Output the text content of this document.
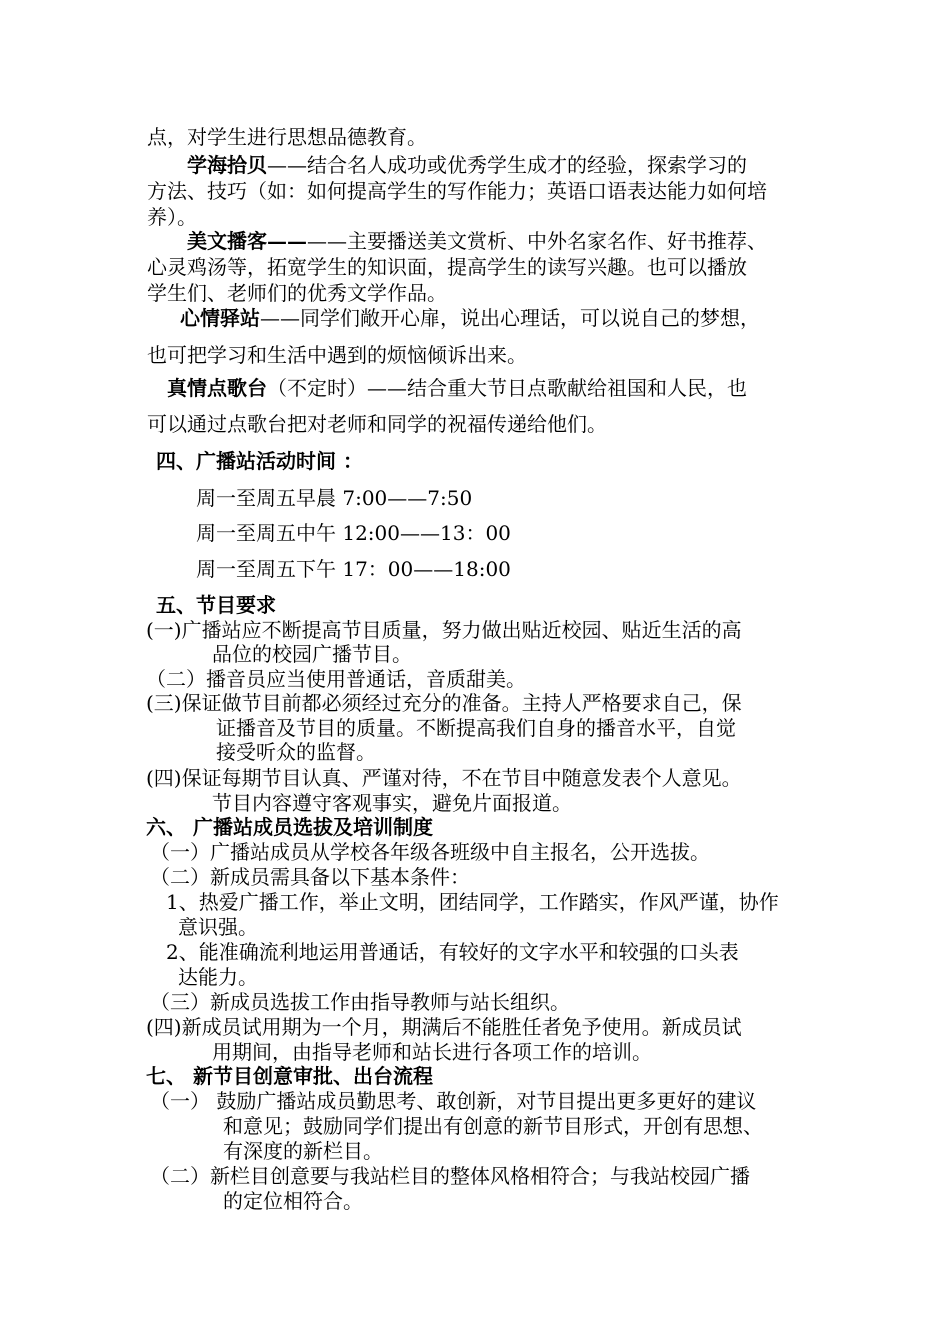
点，对学生进行思想品德教育。
学海拾贝——结合名人成功或优秀学生成才的经验，探索学习的
方法、技巧（如：如何提高学生的写作能力；英语口语表达能力如何培
养）。
美文播客————主要播送美文赏析、中外名家名作、好书推荐、
心灵鸡汤等，拓宽学生的知识面，提高学生的读写兴趣。也可以播放
学生们、老师们的优秀文学作品。
心情驿站——同学们敞开心扉，说出心理话，可以说自己的梦想，
也可把学习和生活中遇到的烦恼倾诉出来。
真情点歌台（不定时）——结合重大节日点歌献给祖国和人民，也
可以通过点歌台把对老师和同学的祝福传递给他们。
四、广播站活动时间 ：
周一至周五早晨 7:00——7:50
周一至周五中午 12:00——13：00
周一至周五下午 17：00——18:00
五、节目要求
(一)广播站应不断提高节目质量，努力做出贴近校园、贴近生活的高
品位的校园广播节目。
（二）播音员应当使用普通话，音质甜美。
(三)保证做节目前都必须经过充分的准备。主持人严格要求自己，保
证播音及节目的质量。不断提高我们自身的播音水平，自觉
接受听众的监督。
(四)保证每期节目认真、严谨对待，不在节目中随意发表个人意见。
节目内容遵守客观事实，避免片面报道。
六、 广播站成员选拔及培训制度
（一）广播站成员从学校各年级各班级中自主报名，公开选拔。
（二）新成员需具备以下基本条件：
1、热爱广播工作，举止文明，团结同学，工作踏实，作风严谨，协作
意识强。
2、能准确流利地运用普通话，有较好的文字水平和较强的口头表
达能力。
（三）新成员选拔工作由指导教师与站长组织。
(四)新成员试用期为一个月，期满后不能胜任者免予使用。新成员试
用期间，由指导老师和站长进行各项工作的培训。
七、 新节目创意审批、出台流程
（一） 鼓励广播站成员勤思考、敢创新，对节目提出更多更好的建议
和意见；鼓励同学们提出有创意的新节目形式，开创有思想、
有深度的新栏目。
（二）新栏目创意要与我站栏目的整体风格相符合；与我站校园广播
的定位相符合。
